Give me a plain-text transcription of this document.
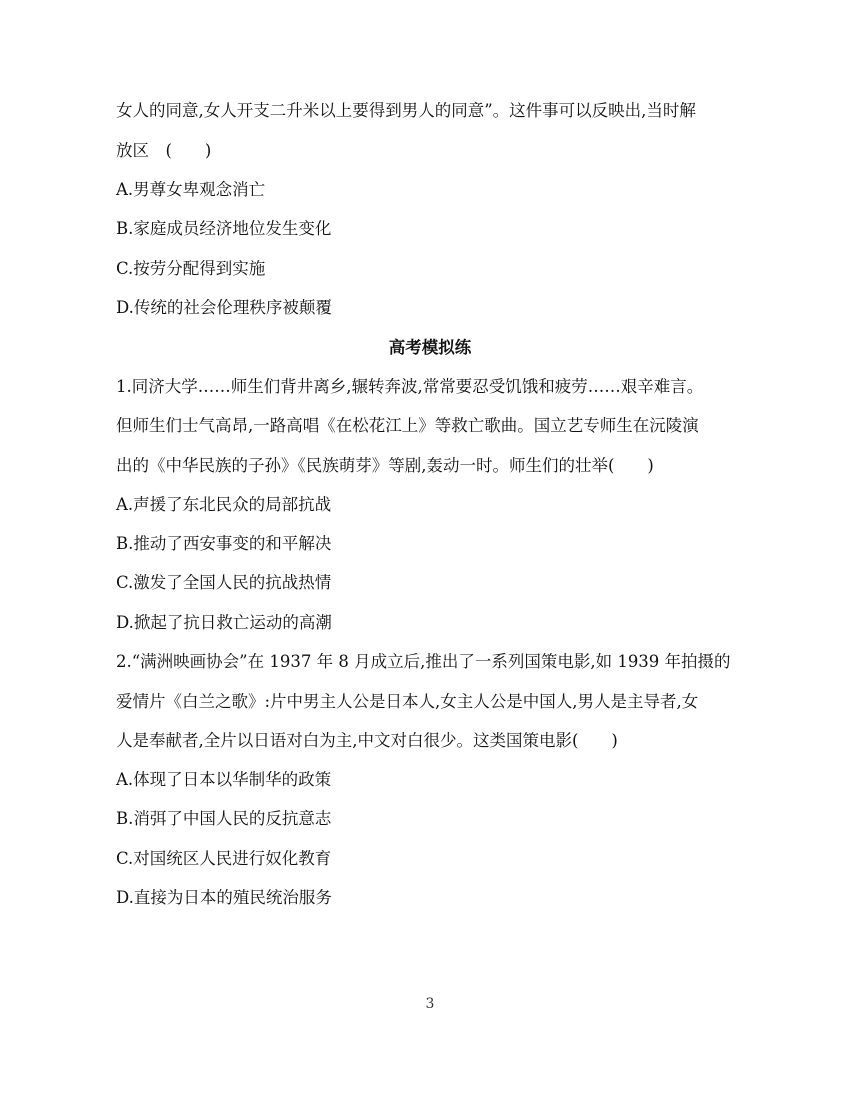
女人的同意,女人开支二升米以上要得到男人的同意”。这件事可以反映出,当时解
放区　(　　)
A.男尊女卑观念消亡
B.家庭成员经济地位发生变化
C.按劳分配得到实施
D.传统的社会伦理秩序被颠覆
高考模拟练
1.同济大学……师生们背井离乡,辗转奔波,常常要忍受饥饿和疲劳……艰辛难言。
但师生们士气高昂,一路高唱《在松花江上》等救亡歌曲。国立艺专师生在沅陵演
出的《中华民族的子孙》《民族萌芽》等剧,轰动一时。师生们的壮举(　　)
A.声援了东北民众的局部抗战
B.推动了西安事变的和平解决
C.激发了全国人民的抗战热情
D.掀起了抗日救亡运动的高潮
2.“满洲映画协会”在 1937 年 8 月成立后,推出了一系列国策电影,如 1939 年拍摄的
爱情片《白兰之歌》:片中男主人公是日本人,女主人公是中国人,男人是主导者,女
人是奉献者,全片以日语对白为主,中文对白很少。这类国策电影(　　)
A.体现了日本以华制华的政策
B.消弭了中国人民的反抗意志
C.对国统区人民进行奴化教育
D.直接为日本的殖民统治服务
3
